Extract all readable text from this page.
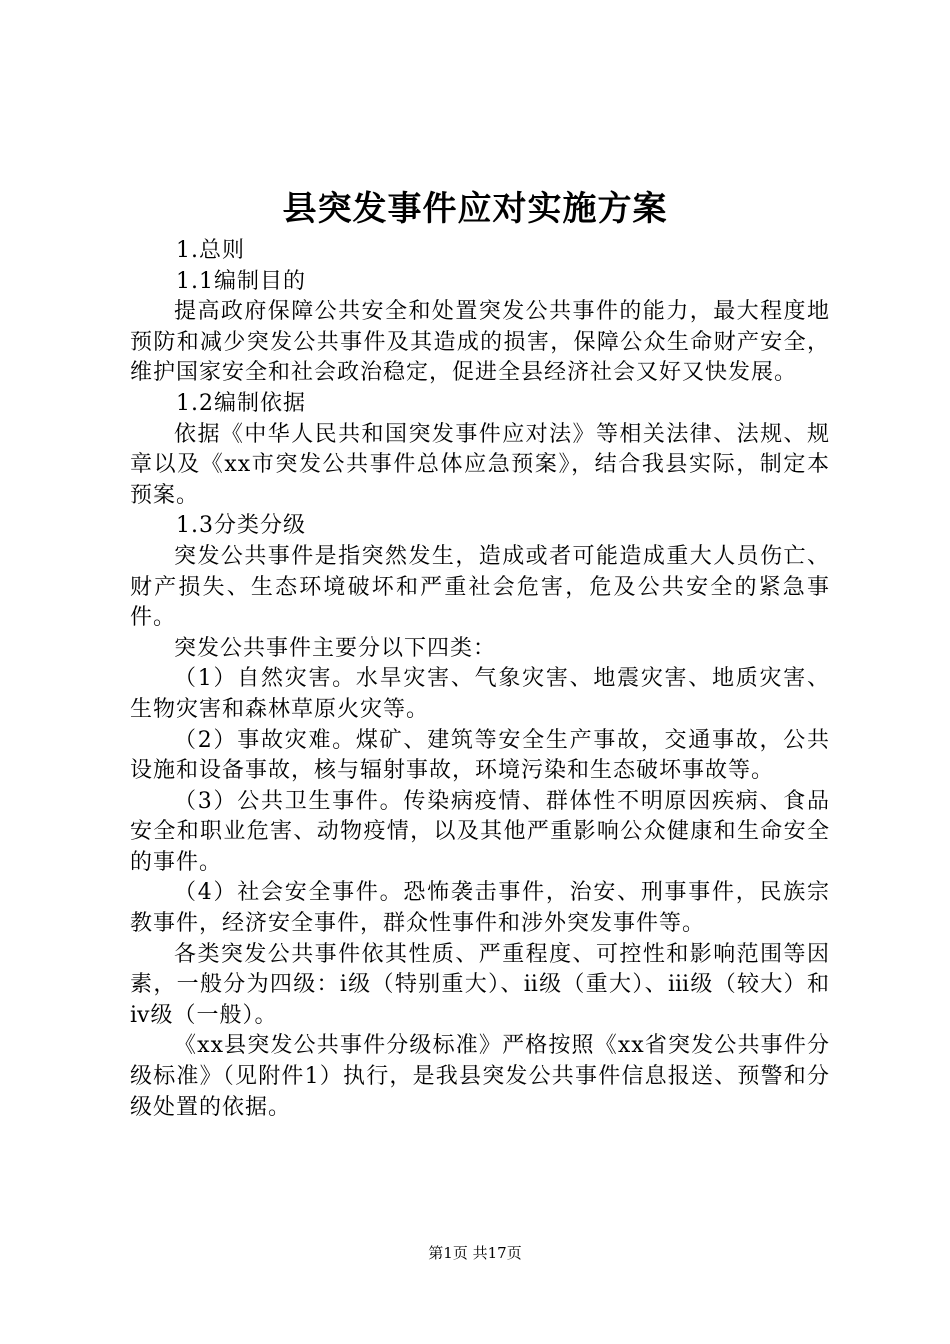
县突发事件应对实施方案
1.总则
1.1编制目的
提高政府保障公共安全和处置突发公共事件的能力，最大程度地预防和减少突发公共事件及其造成的损害，保障公众生命财产安全，维护国家安全和社会政治稳定，促进全县经济社会又好又快发展。
1.2编制依据
依据《中华人民共和国突发事件应对法》等相关法律、法规、规章以及《xx市突发公共事件总体应急预案》，结合我县实际，制定本预案。
1.3分类分级
突发公共事件是指突然发生，造成或者可能造成重大人员伤亡、财产损失、生态环境破坏和严重社会危害，危及公共安全的紧急事件。
突发公共事件主要分以下四类：
（1）自然灾害。水旱灾害、气象灾害、地震灾害、地质灾害、生物灾害和森林草原火灾等。
（2）事故灾难。煤矿、建筑等安全生产事故，交通事故，公共设施和设备事故，核与辐射事故，环境污染和生态破坏事故等。
（3）公共卫生事件。传染病疫情、群体性不明原因疾病、食品安全和职业危害、动物疫情，以及其他严重影响公众健康和生命安全的事件。
（4）社会安全事件。恐怖袭击事件，治安、刑事事件，民族宗教事件，经济安全事件，群众性事件和涉外突发事件等。
各类突发公共事件依其性质、严重程度、可控性和影响范围等因素，一般分为四级：ⅰ级（特别重大）、ⅱ级（重大）、ⅲ级（较大）和ⅳ级（一般）。
《xx县突发公共事件分级标准》严格按照《xx省突发公共事件分级标准》（见附件1）执行，是我县突发公共事件信息报送、预警和分级处置的依据。
第1页 共17页
